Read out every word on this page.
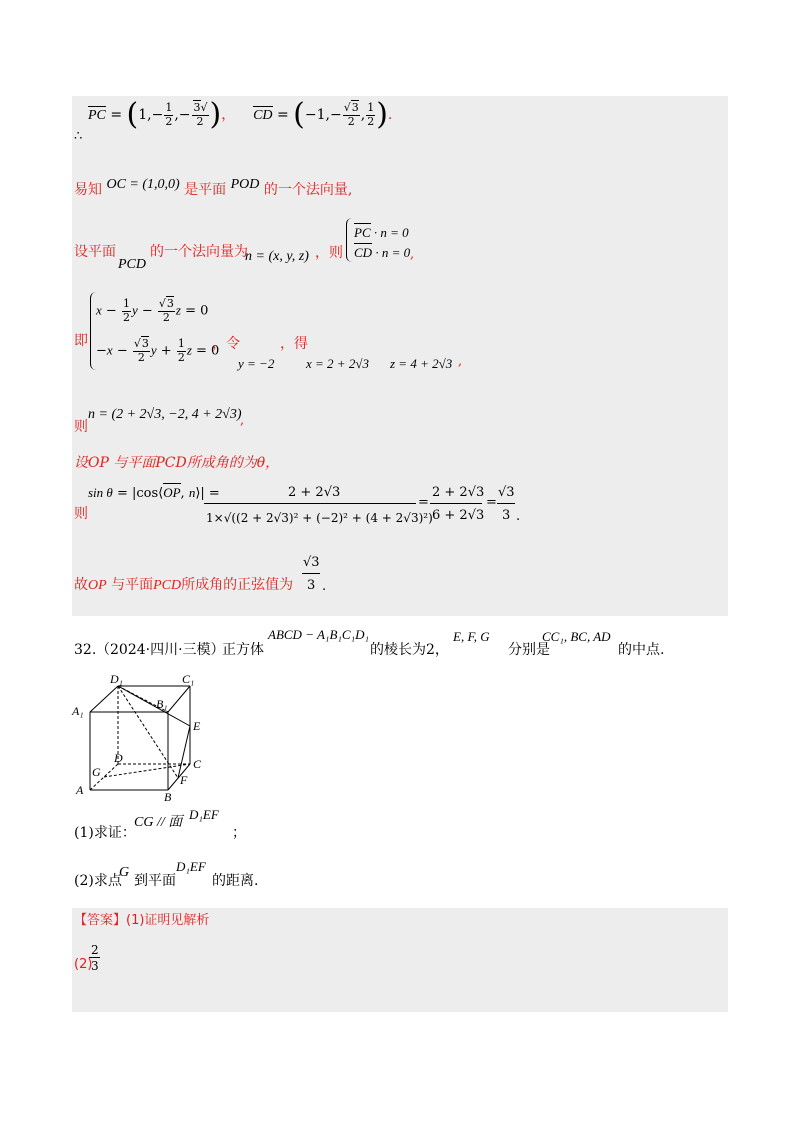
PC = ($1,- \frac{1}{2}$ ,− $\frac{3√}{2}$ )， CD = ($-1,- \frac{√3}{2}$ , $\frac{1}{2}$ ).
∴
易知 OC = (1,0,0) 是平面 POD 的一个法向量,
设平面
PCD
的一个法向量为
n = (x, y, z) ，则
PC · n = 0
CD · n = 0 ,
即
$x - \frac{1}{2}$ $y - \frac{√3}{2}$ z = 0
$-x - \frac{√3}{2}$ $y + \frac{1}{2}$ z = 0
，令
y = −2
，得
x = 2 + 2√3 z = 4 + 2√3 ,
则
n = (2 + 2√3, −2, 4 + 2√3)
,
设OP 与平面PCD所成角的为θ，
则
sin θ = |cos⟨OP, n⟩| =	2 + 2√3
1×√((2 + 2√3)² + (−2)² + (4 + 2√3)²)
=
2 + 2√3
6 + 2√3
=
√3
3 .
故OP 与平面PCD所成角的正弦值为
√3
3 .
32. （2024·四川·三模）
正方体
ABCD − A₁B₁C₁D₁
的棱长为2，
E, F, G
分别是
CC₁, BC, AD
的中点.
D₁	C₁
A₁	B₁
E
D	C
G
F
A	B
(1)求证：
CG // 面
D₁EF
；
(2)求点
G
到平面
D₁EF
的距离.
【答案】(1)证明见解析
(2)
2
3
